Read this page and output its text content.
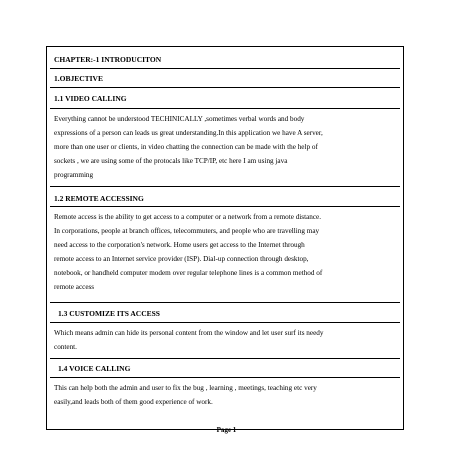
CHAPTER:-1 INTRODUCITON
1.OBJECTIVE
1.1 VIDEO CALLING
Everything cannot be understood TECHINICALLY ,sometimes verbal words and body
expressions of a person can leads us great understanding.In this application we have A server,
more than one user or clients, in video chatting the connection can be made with the help of
sockets , we are using some of the protocals like TCP/IP, etc here I am using java
programming
1.2 REMOTE ACCESSING
Remote access is the ability to get access to a computer or a network from a remote distance.
In corporations, people at branch offices, telecommuters, and people who are travelling may
need access to the corporation's network. Home users get access to the Internet through
remote access to an Internet service provider (ISP). Dial-up connection through desktop,
notebook, or handheld computer modem over regular telephone lines is a common method of
remote access
1.3 CUSTOMIZE ITS ACCESS
Which means admin can hide its personal content from the window and let user surf its needy
content.
1.4 VOICE CALLING
This can help both the admin and user to fix the bug , learning , meetings, teaching etc very
easily,and leads both of them good experience of work.
Page 1
